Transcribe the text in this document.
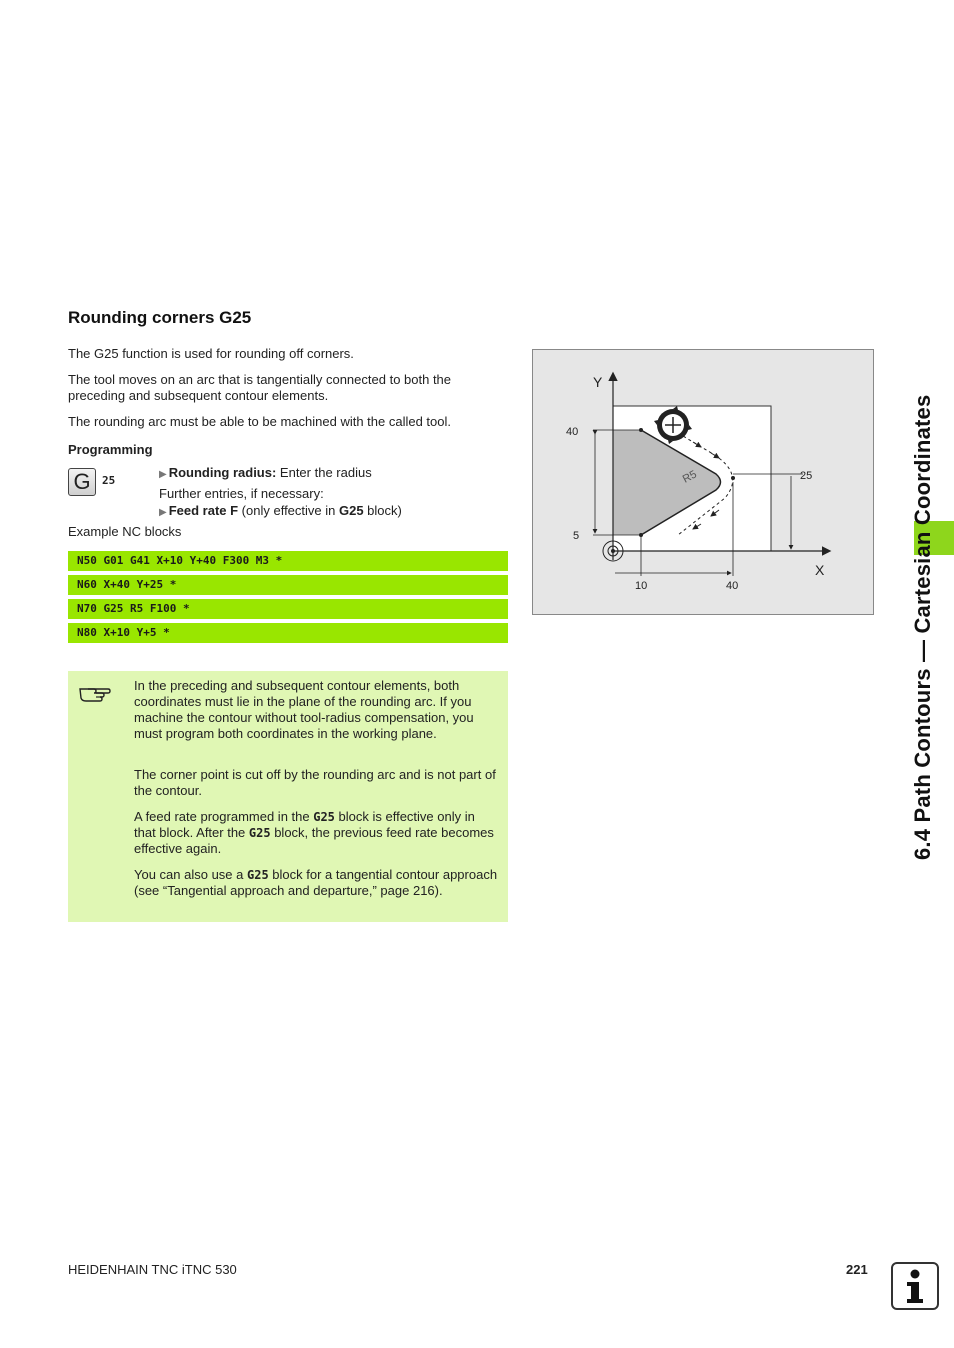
Rounding corners G25
The G25 function is used for rounding off corners.
The tool moves on an arc that is tangentially connected to both the preceding and subsequent contour elements.
The rounding arc must be able to be machined with the called tool.
Programming
G	25	▶ Rounding radius: Enter the radius
Further entries, if necessary:
▶ Feed rate F (only effective in G25 block)
Example NC blocks
N50 G01 G41 X+10 Y+40 F300 M3 *
N60 X+40 Y+25 *
N70 G25 R5 F100 *
N80 X+10 Y+5 *
In the preceding and subsequent contour elements, both coordinates must lie in the plane of the rounding arc. If you machine the contour without tool-radius compensation, you must program both coordinates in the working plane.
The corner point is cut off by the rounding arc and is not part of the contour.
A feed rate programmed in the G25 block is effective only in that block. After the G25 block, the previous feed rate becomes effective again.
You can also use a G25 block for a tangential contour approach (see “Tangential approach and departure,” page 216).
Y
X
40
5
10	40
25
R5	6.4 Path Contours — Cartesian Coordinates
HEIDENHAIN TNC iTNC 530	221
